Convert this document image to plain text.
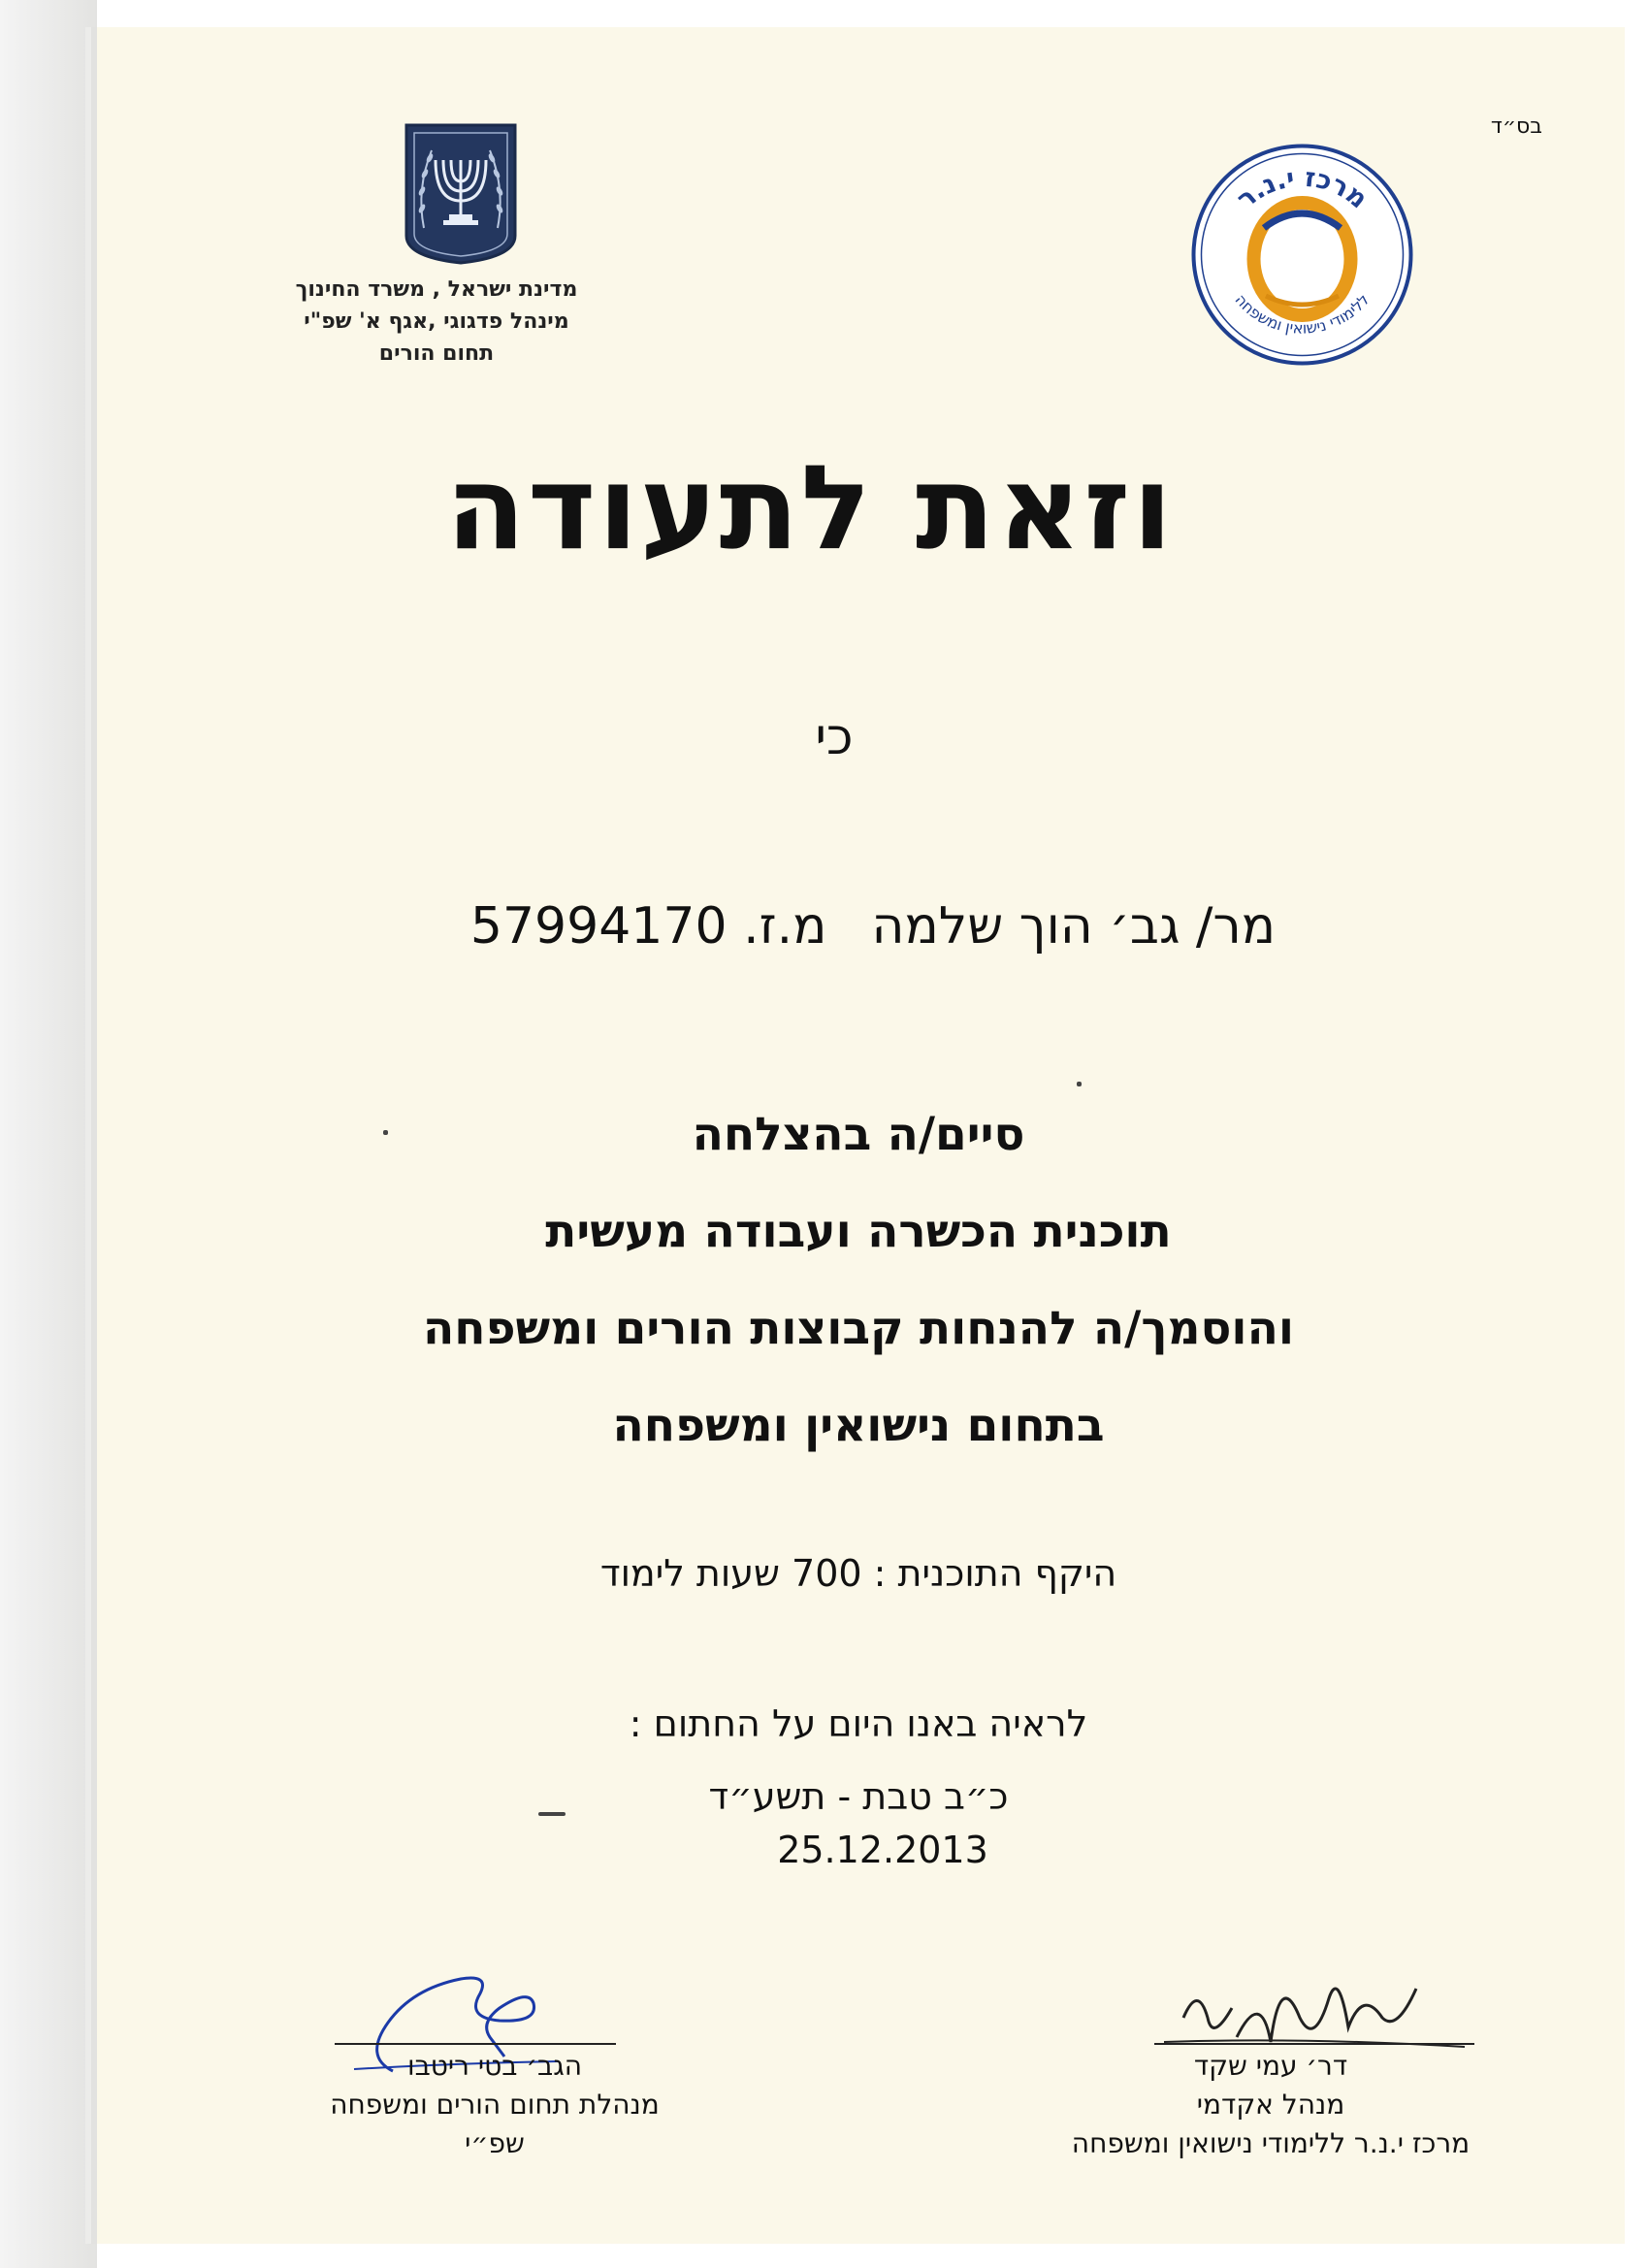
בס״ד
מדינת ישראל , משרד החינוך
מינהל פדגוגי ,אגף א' שפ"י
תחום הורים
מרכז י.נ.ר
ללימודי נישואין ומשפחה
וזאת לתעודה
כי
מר/ גב׳ הוך שלמהמ.ז. 57994170
סיים/ה בהצלחה
תוכנית הכשרה ועבודה מעשית
והוסמך/ה להנחות קבוצות הורים ומשפחה
בתחום נישואין ומשפחה
היקף התוכנית : 700 שעות לימוד
לראיה באנו היום על החתום :
כ״ב טבת - תשע״ד
25.12.2013
הגב׳ בטי ריטבו
מנהלת תחום הורים ומשפחה
שפ״י
דר׳ עמי שקד
מנהל אקדמי
מרכז י.נ.ר ללימודי נישואין ומשפחה
